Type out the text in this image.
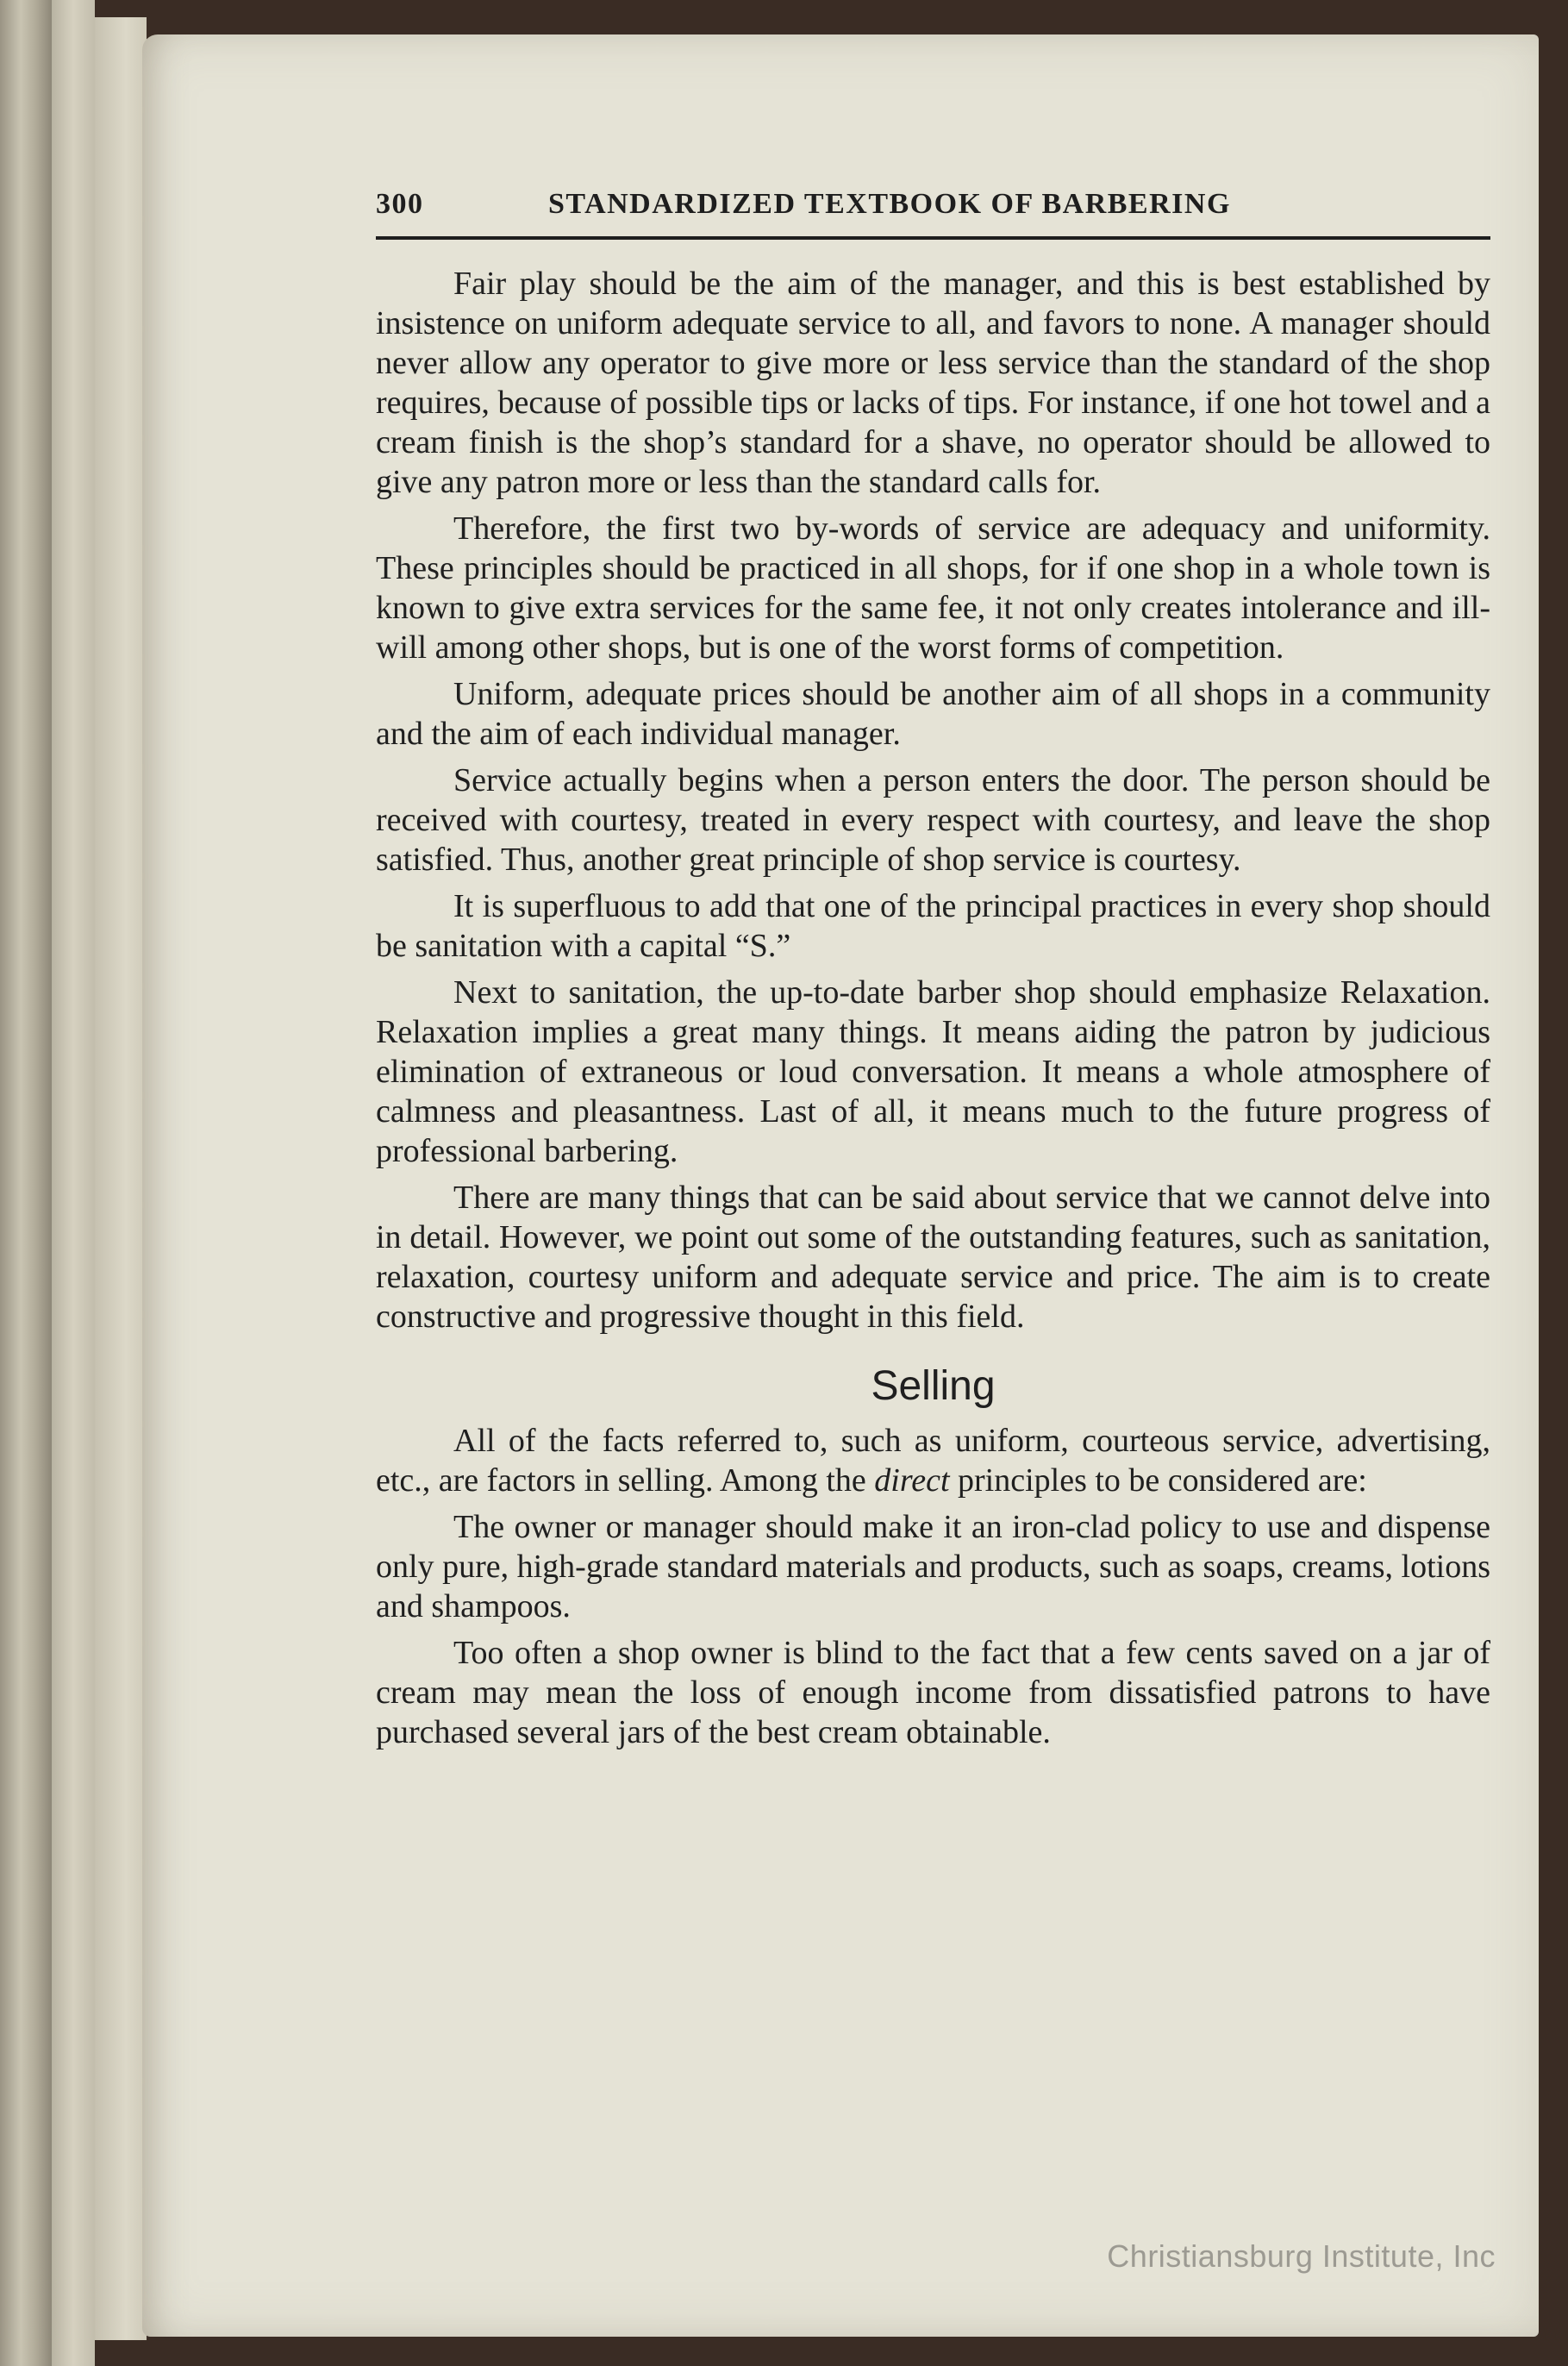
300	STANDARDIZED TEXTBOOK OF BARBERING

Fair play should be the aim of the manager, and this is best established by insistence on uniform adequate service to all, and favors to none. A manager should never allow any operator to give more or less service than the standard of the shop requires, because of possible tips or lacks of tips. For instance, if one hot towel and a cream finish is the shop’s standard for a shave, no operator should be allowed to give any patron more or less than the standard calls for.

Therefore, the first two by-words of service are adequacy and uniformity. These principles should be practiced in all shops, for if one shop in a whole town is known to give extra services for the same fee, it not only creates intolerance and ill-will among other shops, but is one of the worst forms of competition.

Uniform, adequate prices should be another aim of all shops in a community and the aim of each individual manager.

Service actually begins when a person enters the door. The person should be received with courtesy, treated in every respect with courtesy, and leave the shop satisfied. Thus, another great principle of shop service is courtesy.

It is superfluous to add that one of the principal practices in every shop should be sanitation with a capital “S.”

Next to sanitation, the up-to-date barber shop should emphasize Relaxation. Relaxation implies a great many things. It means aiding the patron by judicious elimination of extraneous or loud conversation. It means a whole atmosphere of calmness and pleasantness. Last of all, it means much to the future progress of professional barbering.

There are many things that can be said about service that we cannot delve into in detail. However, we point out some of the outstanding features, such as sanitation, relaxation, courtesy uniform and adequate service and price. The aim is to create constructive and progressive thought in this field.

Selling

All of the facts referred to, such as uniform, courteous service, advertising, etc., are factors in selling. Among the direct principles to be considered are:

The owner or manager should make it an iron-clad policy to use and dispense only pure, high-grade standard materials and products, such as soaps, creams, lotions and shampoos.

Too often a shop owner is blind to the fact that a few cents saved on a jar of cream may mean the loss of enough income from dissatisfied patrons to have purchased several jars of the best cream obtainable.

Christiansburg Institute, Inc
